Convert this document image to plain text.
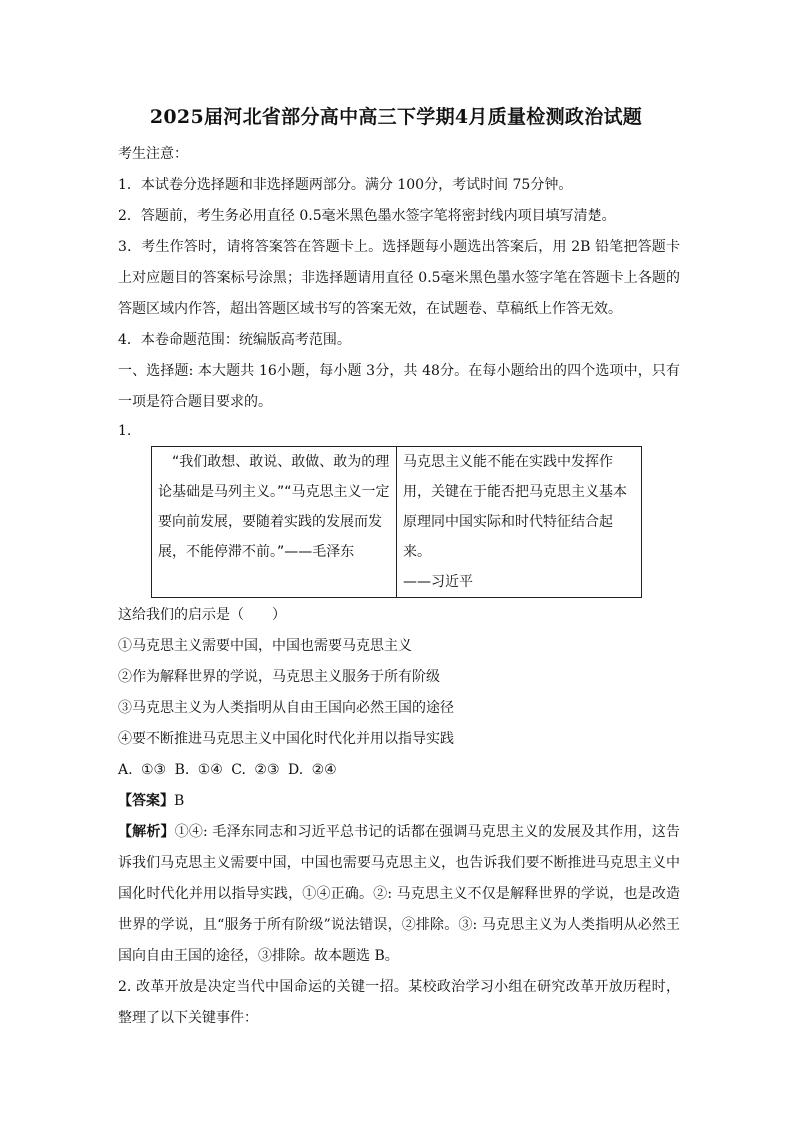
2025届河北省部分高中高三下学期4月质量检测政治试题

考生注意：

1．本试卷分选择题和非选择题两部分。满分 100分，考试时间 75分钟。

2．答题前，考生务必用直径 0.5毫米黑色墨水签字笔将密封线内项目填写清楚。

3．考生作答时，请将答案答在答题卡上。选择题每小题选出答案后，用 2B 铅笔把答题卡上对应题目的答案标号涂黑；非选择题请用直径 0.5毫米黑色墨水签字笔在答题卡上各题的答题区域内作答，超出答题区域书写的答案无效，在试题卷、草稿纸上作答无效。

4．本卷命题范围：统编版高考范围。

一、选择题: 本大题共 16小题，每小题 3分，共 48分。在每小题给出的四个选项中，只有一项是符合题目要求的。

1.

“我们敢想、敢说、敢做、敢为的理论基础是马列主义。”“马克思主义一定要向前发展，要随着实践的发展而发展，不能停滞不前。”——毛泽东	马克思主义能不能在实践中发挥作用，关键在于能否把马克思主义基本原理同中国实际和时代特征结合起来。
——习近平

这给我们的启示是（　　）

①马克思主义需要中国，中国也需要马克思主义

②作为解释世界的学说，马克思主义服务于所有阶级

③马克思主义为人类指明从自由王国向必然王国的途径

④要不断推进马克思主义中国化时代化并用以指导实践

A. ①③ B. ①④ C. ②③ D. ②④

【答案】B

【解析】①④: 毛泽东同志和习近平总书记的话都在强调马克思主义的发展及其作用，这告诉我们马克思主义需要中国，中国也需要马克思主义，也告诉我们要不断推进马克思主义中国化时代化并用以指导实践，①④正确。②: 马克思主义不仅是解释世界的学说，也是改造世界的学说，且“服务于所有阶级”说法错误，②排除。③: 马克思主义为人类指明从必然王国向自由王国的途径，③排除。故本题选 B。

2. 改革开放是决定当代中国命运的关键一招。某校政治学习小组在研究改革开放历程时，整理了以下关键事件：
